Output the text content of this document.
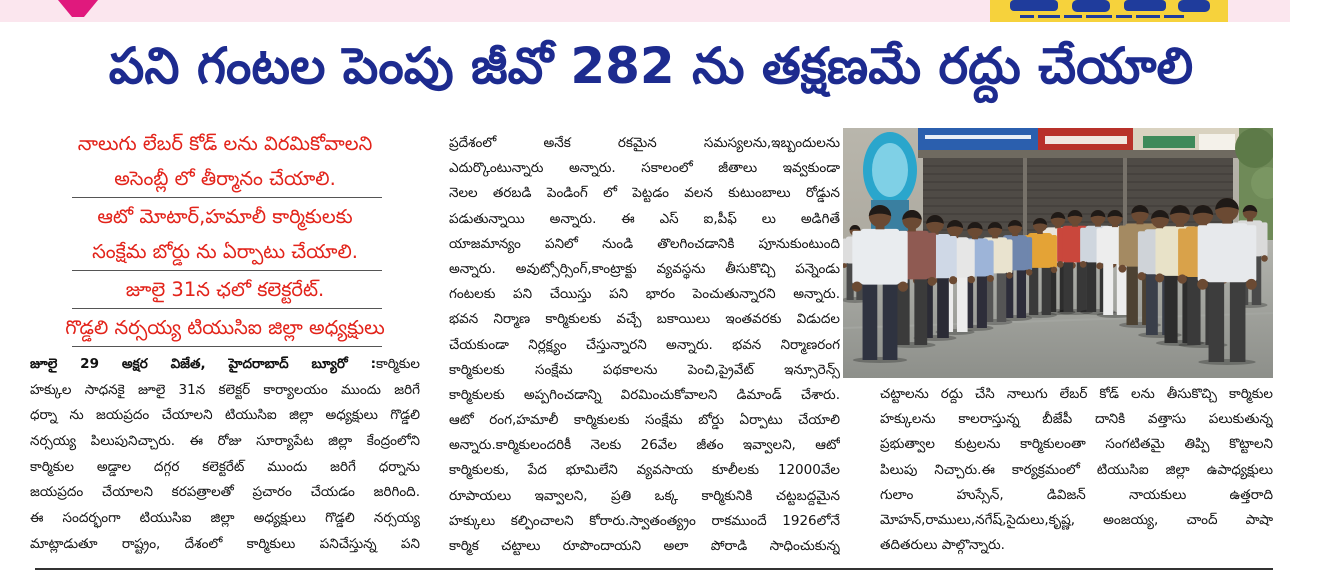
పని గంటల పెంపు జీవో 282 ను తక్షణమే రద్దు చేయాలి
నాలుగు లేబర్ కోడ్ లను విరమికోవాలని
అసెంబ్లీ లో తీర్మానం చేయాలి.
ఆటో మోటార్,హమాలీ కార్మికులకు
సంక్షేమ బోర్డు ను ఏర్పాటు చేయాలి.
జూలై 31న ఛలో కలెక్టరేట్.
గొడ్డలి నర్సయ్య టియుసిఐ జిల్లా అధ్యక్షులు
జూలై 29 అక్షర విజేత, హైదరాబాద్ బ్యూరో :కార్మికుల
హక్కుల సాధనకై జూలై 31న కలెక్టర్ కార్యాలయం ముందు జరిగే
ధర్నా ను జయప్రదం చేయాలని టియుసిఐ జిల్లా అధ్యక్షులు గొడ్డలి
నర్సయ్య పిలుపునిచ్చారు. ఈ రోజు సూర్యాపేట జిల్లా కేంద్రంలోని
కార్మికుల అడ్డాల దగ్గర కలెక్టరేట్ ముందు జరిగే ధర్నాను
జయప్రదం చేయాలని కరపత్రాలతో ప్రచారం చేయడం జరిగింది.
ఈ సందర్భంగా టియుసిఐ జిల్లా అధ్యక్షులు గొడ్డలి నర్సయ్య
మాట్లాడుతూ రాష్ట్రం, దేశంలో కార్మికులు పనిచేస్తున్న పని
ప్రదేశంలో అనేక రకమైన సమస్యలను,ఇబ్బందులను
ఎదుర్కొంటున్నారు అన్నారు. సకాలంలో జీతాలు ఇవ్వకుండా
నెలల తరబడి పెండింగ్ లో పెట్టడం వలన కుటుంబాలు రోడ్డున
పడుతున్నాయి అన్నారు. ఈ ఎస్ ఐ,పీఫ్ లు అడిగితే
యాజమాన్యం పనిలో నుండి తొలగించడానికి పూనుకుంటుంది
అన్నారు. అవుట్సోర్సింగ్,కాంట్రాక్టు వ్యవస్థను తీసుకొచ్చి పన్నెండు
గంటలకు పని చేయిస్తు పని భారం పెంచుతున్నారని అన్నారు.
భవన నిర్మాణ కార్మికులకు వచ్చే బకాయిలు ఇంతవరకు విడుదల
చేయకుండా నిర్లక్ష్యం చేస్తున్నారని అన్నారు. భవన నిర్మాణరంగ
కార్మికులకు సంక్షేమ పథకాలను పెంచి,ప్రైవేట్ ఇన్సూరెన్స్
కార్మికులకు అప్పగించడాన్ని విరమించుకోవాలని డిమాండ్ చేశారు.
ఆటో రంగ,హమాలీ కార్మికులకు సంక్షేమ బోర్డు ఏర్పాటు చేయాలి
అన్నారు.కార్మికులందరికీ నెలకు 26వేల జీతం ఇవ్వాలని, ఆటో
కార్మికులకు, పేద భూమిలేని వ్యవసాయ కూలీలకు 12000వేల
రూపాయలు ఇవ్వాలని, ప్రతి ఒక్క కార్మికునికి చట్టబద్దమైన
హక్కులు కల్పించాలని కోరారు.స్వాతంత్య్రం రాకముందే 1926లోనే
కార్మిక చట్టాలు రూపొందాయని అలా పోరాడి సాధించుకున్న
చట్టాలను రద్దు చేసి నాలుగు లేబర్ కోడ్ లను తీసుకొచ్చి కార్మికుల
హక్కులను కాలరాస్తున్న బీజేపీ దానికి వత్తాసు పలుకుతున్న
ప్రభుత్వాల కుట్రలను కార్మికులంతా సంగటితమై తిప్పి కొట్టాలని
పిలుపు నిచ్చారు.ఈ కార్యక్రమంలో టియుసిఐ జిల్లా ఉపాధ్యక్షులు
గులాం హుస్సేన్, డివిజన్ నాయకులు ఉత్తరాది
మోహన్,రాములు,నగేష్,సైదులు,కృష్ణ, అంజయ్య, చాంద్ పాషా
తదితరులు పాల్గొన్నారు.
